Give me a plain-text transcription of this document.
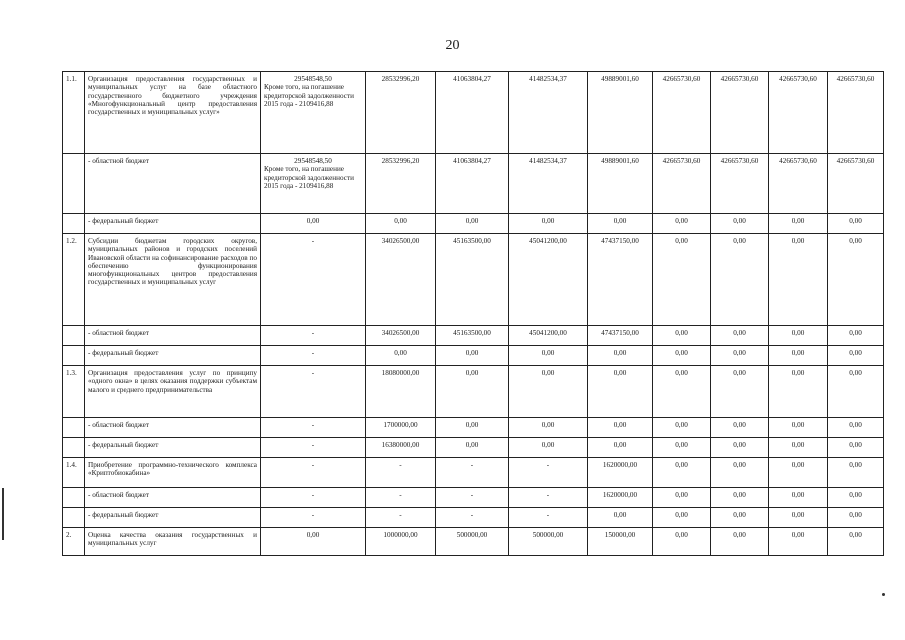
20
1.1.	Организация предоставления государственных и муниципальных услуг на базе областного государственного бюджетного учреждения «Многофункциональный центр предоставления государственных и муниципальных услуг»	29548548,50
Кроме того, на погашение кредиторской задолженности 2015 года - 2109416,88	28532996,20	41063804,27	41482534,37	49889001,60	42665730,60	42665730,60	42665730,60	42665730,60
	- областной бюджет	29548548,50
Кроме того, на погашение кредиторской задолженности 2015 года - 2109416,88	28532996,20	41063804,27	41482534,37	49889001,60	42665730,60	42665730,60	42665730,60	42665730,60
	- федеральный бюджет	0,00	0,00	0,00	0,00	0,00	0,00	0,00	0,00	0,00
1.2.	Субсидии бюджетам городских округов, муниципальных районов и городских поселений Ивановской области на софинансирование расходов по обеспечению функционирования многофункциональных центров предоставления государственных и муниципальных услуг	-	34026500,00	45163500,00	45041200,00	47437150,00	0,00	0,00	0,00	0,00
	- областной бюджет	-	34026500,00	45163500,00	45041200,00	47437150,00	0,00	0,00	0,00	0,00
	- федеральный бюджет	-	0,00	0,00	0,00	0,00	0,00	0,00	0,00	0,00
1.3.	Организация предоставления услуг по принципу «одного окна» в целях оказания поддержки субъектам малого и среднего предпринимательства	-	18080000,00	0,00	0,00	0,00	0,00	0,00	0,00	0,00
	- областной бюджет	-	1700000,00	0,00	0,00	0,00	0,00	0,00	0,00	0,00
	- федеральный бюджет	-	16380000,00	0,00	0,00	0,00	0,00	0,00	0,00	0,00
1.4.	Приобретение программно-технического комплекса «Криптобиокабина»	-	-	-	-	1620000,00	0,00	0,00	0,00	0,00
	- областной бюджет	-	-	-	-	1620000,00	0,00	0,00	0,00	0,00
	- федеральный бюджет	-	-	-	-	0,00	0,00	0,00	0,00	0,00
2.	Оценка качества оказания государственных и муниципальных услуг	0,00	1000000,00	500000,00	500000,00	150000,00	0,00	0,00	0,00	0,00
